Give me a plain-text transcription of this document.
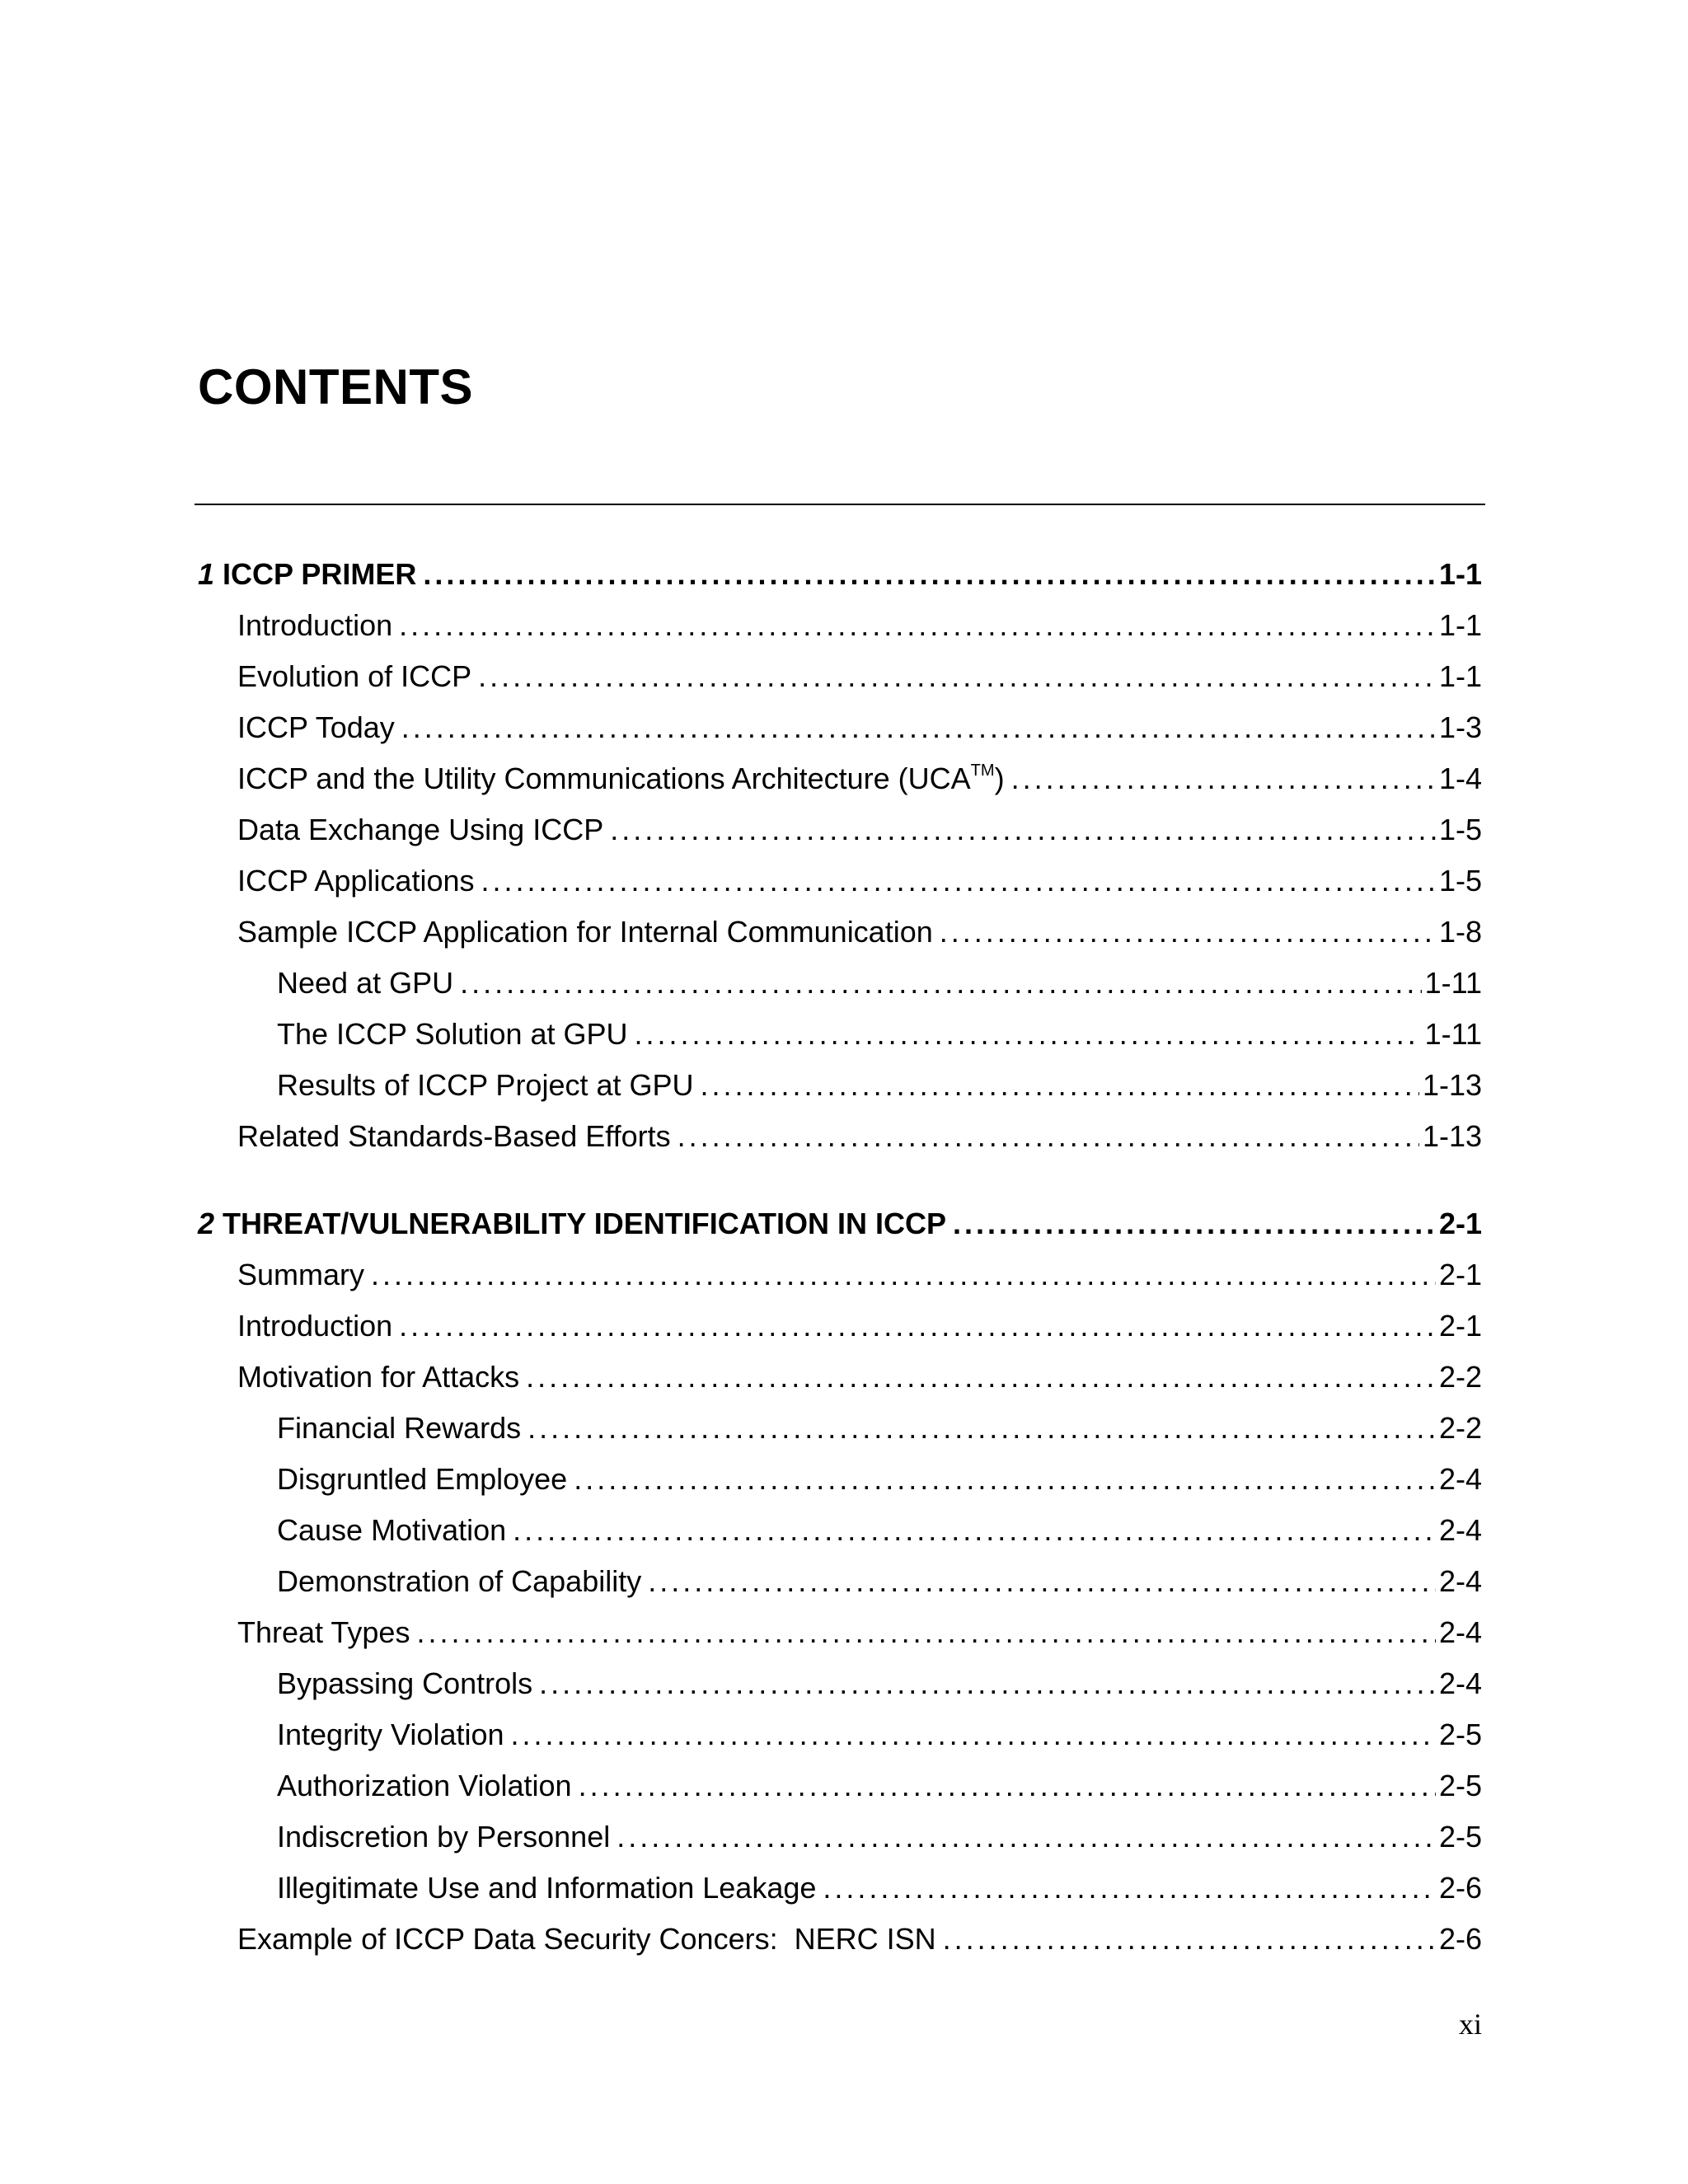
CONTENTS
1 ICCP PRIMER . . .	1-1
Introduction . . .	1-1
Evolution of ICCP . . .	1-1
ICCP Today . . .	1-3
ICCP and the Utility Communications Architecture (UCA™) . . .	1-4
Data Exchange Using ICCP . . .	1-5
ICCP Applications . . .	1-5
Sample ICCP Application for Internal Communication . . .	1-8
Need at GPU . . .	1-11
The ICCP Solution at GPU . . .	1-11
Results of ICCP Project at GPU . . .	1-13
Related Standards-Based Efforts . . .	1-13
2 THREAT/VULNERABILITY IDENTIFICATION IN ICCP . . .	2-1
Summary . . .	2-1
Introduction . . .	2-1
Motivation for Attacks . . .	2-2
Financial Rewards . . .	2-2
Disgruntled Employee . . .	2-4
Cause Motivation . . .	2-4
Demonstration of Capability . . .	2-4
Threat Types . . .	2-4
Bypassing Controls . . .	2-4
Integrity Violation . . .	2-5
Authorization Violation . . .	2-5
Indiscretion by Personnel . . .	2-5
Illegitimate Use and Information Leakage . . .	2-6
Example of ICCP Data Security Concers:  NERC ISN . . .	2-6
xi
